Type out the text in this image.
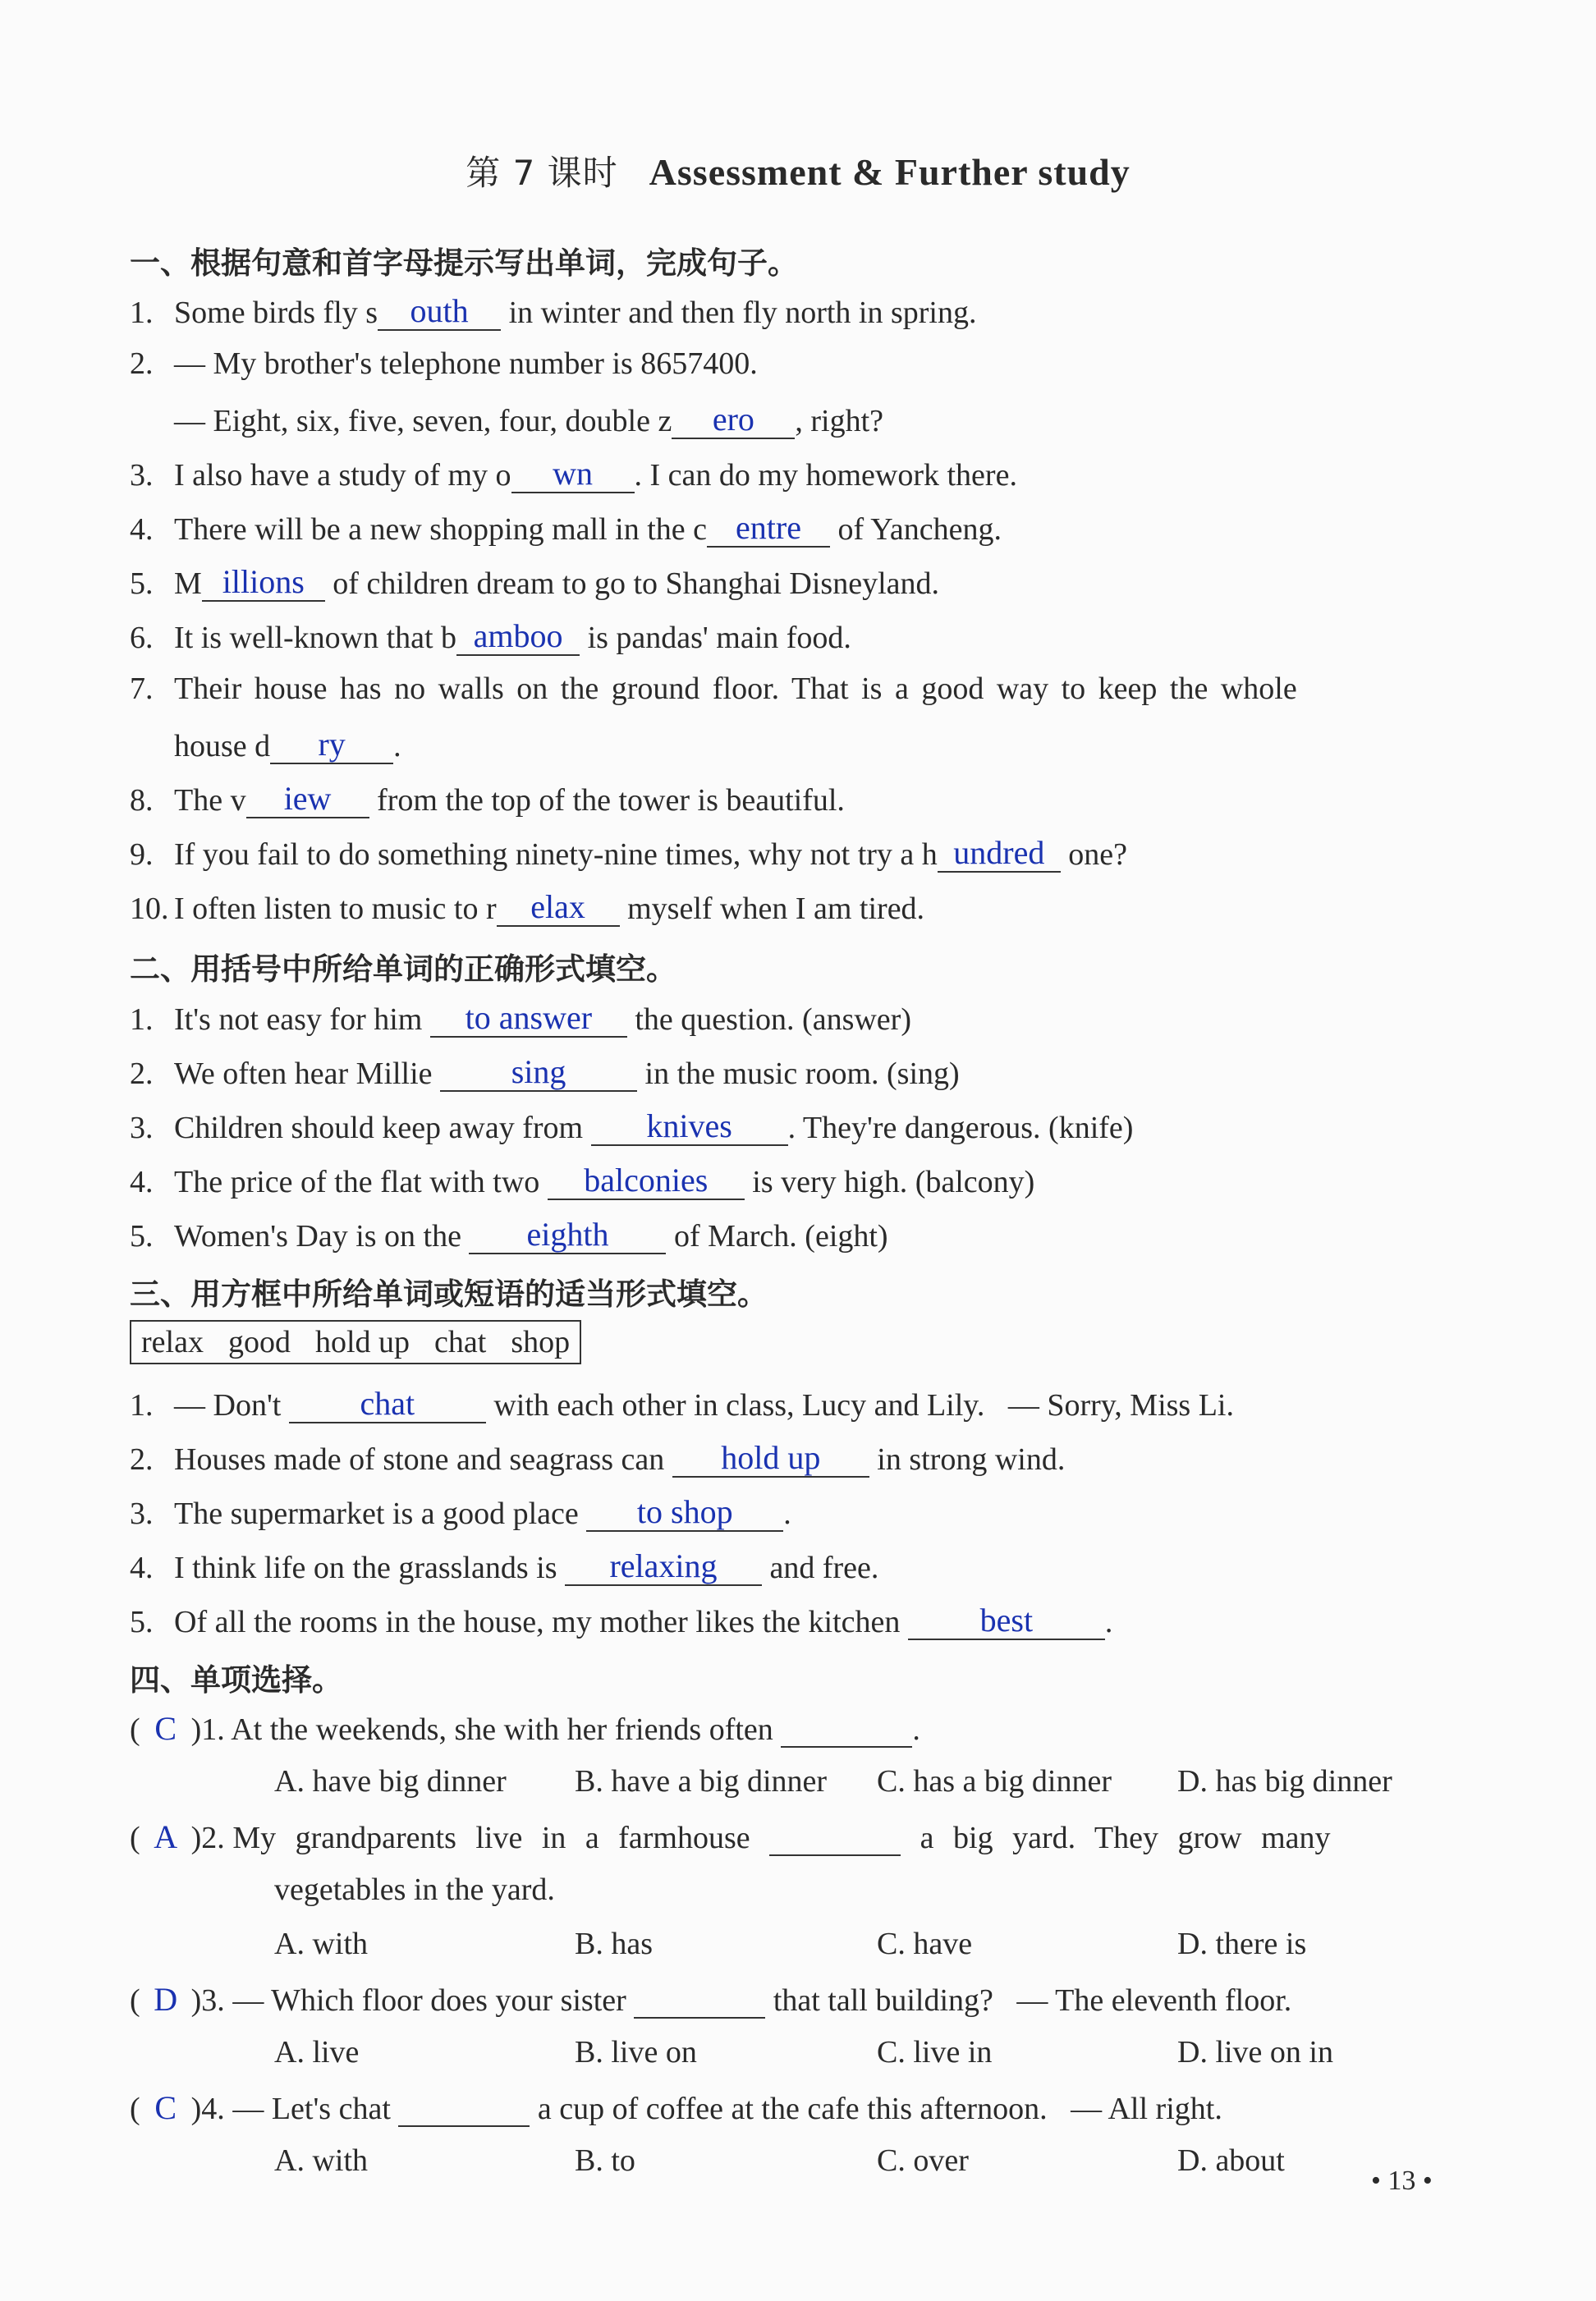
第 7 课时 Assessment & Further study
一、根据句意和首字母提示写出单词，完成句子。
1. Some birds fly s outh in winter and then fly north in spring.
2. — My brother's telephone number is 8657400.
— Eight, six, five, seven, four, double z ero , right?
3. I also have a study of my o wn . I can do my homework there.
4. There will be a new shopping mall in the c entre of Yancheng.
5. M illions of children dream to go to Shanghai Disneyland.
6. It is well-known that b amboo is pandas' main food.
7. Their house has no walls on the ground floor. That is a good way to keep the whole
house d ry .
8. The v iew from the top of the tower is beautiful.
9. If you fail to do something ninety-nine times, why not try a h undred one?
10. I often listen to music to r elax myself when I am tired.
二、用括号中所给单词的正确形式填空。
1. It's not easy for him to answer the question. (answer)
2. We often hear Millie sing in the music room. (sing)
3. Children should keep away from knives . They're dangerous. (knife)
4. The price of the flat with two balconies is very high. (balcony)
5. Women's Day is on the eighth of March. (eight)
三、用方框中所给单词或短语的适当形式填空。
relax good hold up chat shop
1. — Don't chat with each other in class, Lucy and Lily.   — Sorry, Miss Li.
2. Houses made of stone and seagrass can hold up in strong wind.
3. The supermarket is a good place to shop .
4. I think life on the grasslands is relaxing and free.
5. Of all the rooms in the house, my mother likes the kitchen best .
四、单项选择。
( C )1. At the weekends, she with her friends often	.
A. have big dinner B. have a big dinner C. has a big dinner D. has big dinner
( A )2. My grandparents live in a farmhouse	a big yard. They grow many
vegetables in the yard.
A. with	B. has	C. have	D. there is
( D )3. — Which floor does your sister	that tall building?   — The eleventh floor.
A. live	B. live on	C. live in	D. live on in
( C )4. — Let's chat	a cup of coffee at the cafe this afternoon.   — All right.
A. with	B. to	C. over	D. about
• 13 •
